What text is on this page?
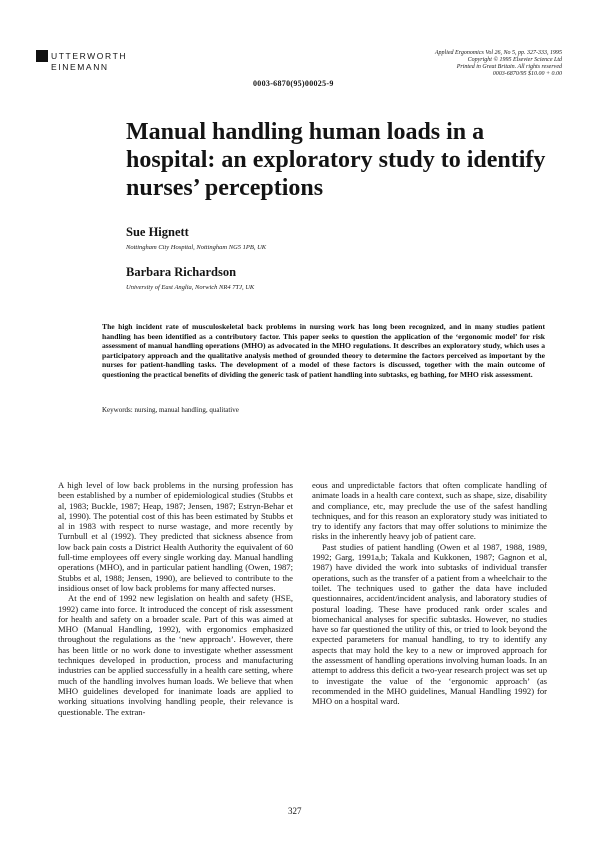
UTTERWORTH
EINEMANN
Applied Ergonomics Vol 26, No 5, pp. 327-333, 1995
Copyright © 1995 Elsevier Science Ltd
Printed in Great Britain. All rights reserved
0003-6870/95 $10.00 + 0.00
0003-6870(95)00025-9
Manual handling human loads in a hospital: an exploratory study to identify nurses’ perceptions
Sue Hignett
Nottingham City Hospital, Nottingham NG5 1PB, UK
Barbara Richardson
University of East Anglia, Norwich NR4 7TJ, UK
The high incident rate of musculoskeletal back problems in nursing work has long been recognized, and in many studies patient handling has been identified as a contributory factor. This paper seeks to question the application of the ‘ergonomic model’ for risk assessment of manual handling operations (MHO) as advocated in the MHO regulations. It describes an exploratory study, which uses a participatory approach and the qualitative analysis method of grounded theory to determine the factors perceived as important by the nurses for patient-handling tasks. The development of a model of these factors is discussed, together with the main outcome of questioning the practical benefits of dividing the generic task of patient handling into subtasks, eg bathing, for MHO risk assessment.
Keywords: nursing, manual handling, qualitative

A high level of low back problems in the nursing profession has been established by a number of epidemiological studies (Stubbs et al, 1983; Buckle, 1987; Heap, 1987; Jensen, 1987; Estryn-Behar et al, 1990). The potential cost of this has been estimated by Stubbs et al in 1983 with respect to nurse wastage, and more recently by Turnbull et al (1992). They predicted that sickness absence from low back pain costs a District Health Authority the equivalent of 60 full-time employees off every single working day. Manual handling operations (MHO), and in particular patient handling (Owen, 1987; Stubbs et al, 1988; Jensen, 1990), are believed to contribute to the insidious onset of low back problems for many affected nurses.

At the end of 1992 new legislation on health and safety (HSE, 1992) came into force. It introduced the concept of risk assessment for health and safety on a broader scale. Part of this was aimed at MHO (Manual Handling, 1992), with ergonomics emphasized throughout the regulations as the ‘new approach’. However, there has been little or no work done to investigate whether assessment techniques developed in production, process and manufacturing industries can be applied successfully in a health care setting, where much of the handling involves human loads. We believe that when MHO guidelines developed for inanimate loads are applied to working situations involving handling people, their relevance is questionable. The extran-

eous and unpredictable factors that often complicate handling of animate loads in a health care context, such as shape, size, disability and compliance, etc, may preclude the use of the safest handling techniques, and for this reason an exploratory study was initiated to try to identify any factors that may offer solutions to minimize the risks in the inherently heavy job of patient care.

Past studies of patient handling (Owen et al 1987, 1988, 1989, 1992; Garg, 1991a,b; Takala and Kukkonen, 1987; Gagnon et al, 1987) have divided the work into subtasks of individual transfer operations, such as the transfer of a patient from a wheelchair to the toilet. The techniques used to gather the data have included questionnaires, accident/incident analysis, and laboratory studies of postural loading. These have produced rank order scales and biomechanical analyses for specific subtasks. However, no studies have so far questioned the utility of this, or tried to look beyond the expected parameters for manual handling, to try to identify any aspects that may hold the key to a new or improved approach for the assessment of handling operations involving human loads. In an attempt to address this deficit a two-year research project was set up to investigate the value of the ‘ergonomic approach’ (as recommended in the MHO guidelines, Manual Handling 1992) for MHO on a hospital ward.

327
